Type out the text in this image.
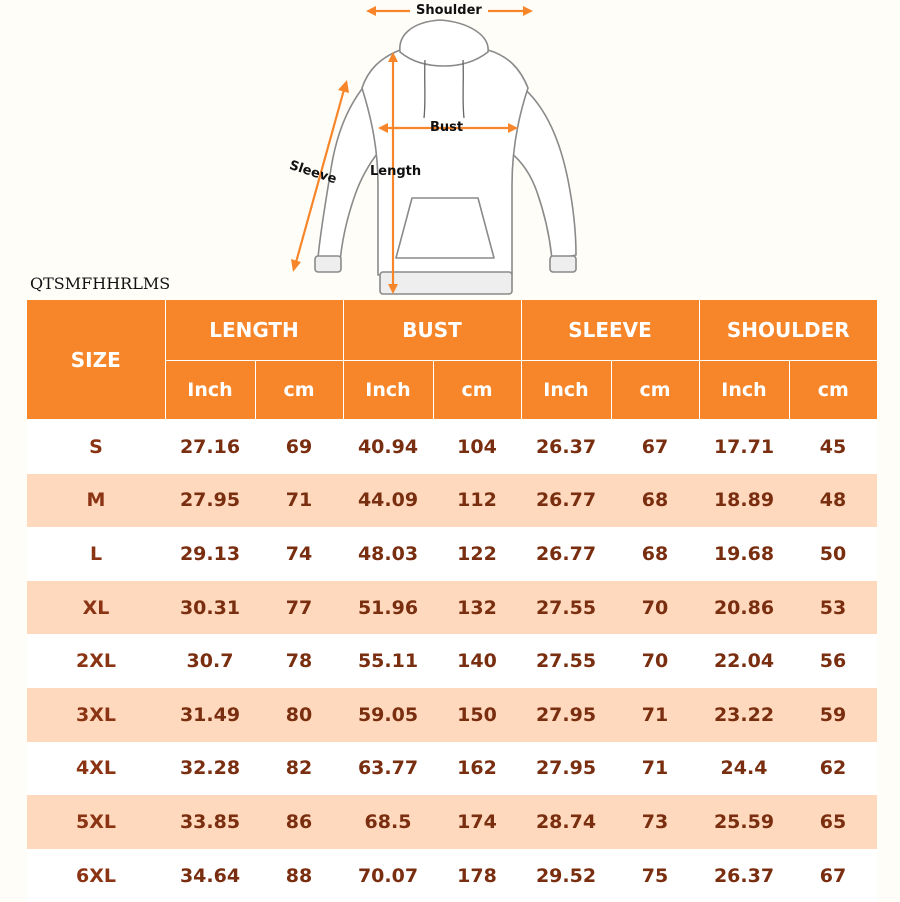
Shoulder
Bust
Length
Sleeve
QTSMFHHRLMS
SIZE	LENGTH		BUST		SLEEVE		SHOULDER	
	Inch	cm	Inch	cm	Inch	cm	Inch	cm
S	27.16	69	40.94	104	26.37	67	17.71	45
M	27.95	71	44.09	112	26.77	68	18.89	48
L	29.13	74	48.03	122	26.77	68	19.68	50
XL	30.31	77	51.96	132	27.55	70	20.86	53
2XL	30.7	78	55.11	140	27.55	70	22.04	56
3XL	31.49	80	59.05	150	27.95	71	23.22	59
4XL	32.28	82	63.77	162	27.95	71	24.4	62
5XL	33.85	86	68.5	174	28.74	73	25.59	65
6XL	34.64	88	70.07	178	29.52	75	26.37	67
